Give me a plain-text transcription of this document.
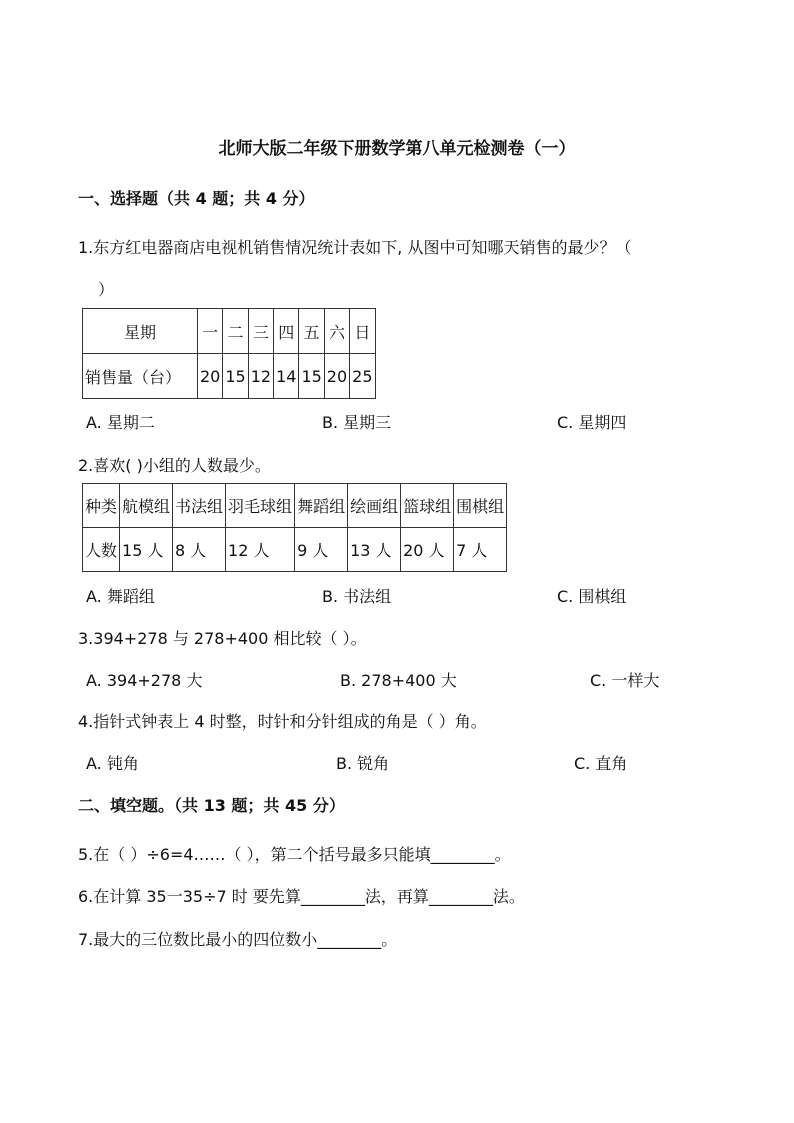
北师大版二年级下册数学第八单元检测卷（一）
一、选择题（共 4 题；共 4 分）
1.东方红电器商店电视机销售情况统计表如下, 从图中可知哪天销售的最少？（
）
星期	一	二	三	四	五	六	日
销售量（台）	20	15	12	14	15	20	25
A. 星期二	B. 星期三	C. 星期四
2.喜欢( )小组的人数最少。
种类	航模组	书法组	羽毛球组	舞蹈组	绘画组	篮球组	围棋组
人数	15 人	8 人	12 人	9 人	13 人	20 人	7 人
A. 舞蹈组	B. 书法组	C. 围棋组
3.394+278 与 278+400 相比较（ ）。
A. 394+278 大	B. 278+400 大	C. 一样大
4.指针式钟表上 4 时整，时针和分针组成的角是（ ）角。
A. 钝角	B. 锐角	C. 直角
二、填空题。（共 13 题；共 45 分）
5.在（ ）÷6=4……（ ），第二个括号最多只能填________。
6.在计算 35一35÷7 时 要先算________法，再算________法。
7.最大的三位数比最小的四位数小________。
